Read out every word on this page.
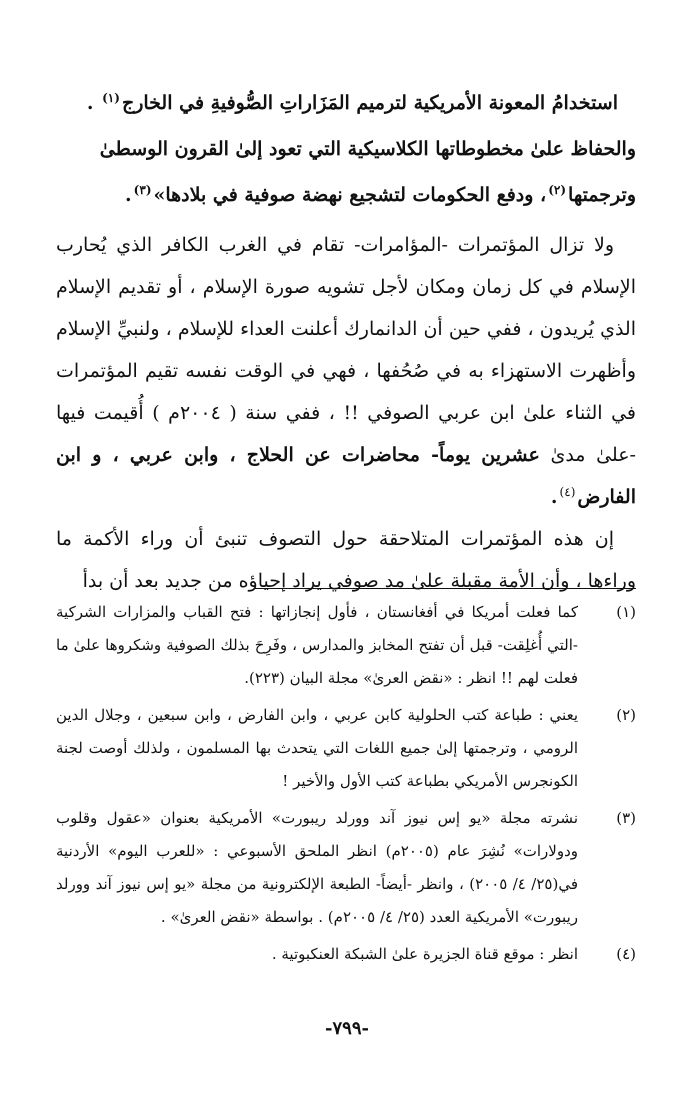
استخدامُ المعونة الأمريكية لترميم المَزَاراتِ الصُّوفيةِ في الخارج$^{(١)}$ .
والحفاظ علىٰ مخطوطاتها الكلاسيكية التي تعود إلىٰ القرون الوسطىٰ
وترجمتها$^{(٢)}$، ودفع الحكومات لتشجيع نهضة صوفية في بلادها»$^{(٣)}$.

ولا تزال المؤتمرات -المؤامرات- تقام في الغرب الكافر الذي يُحارب الإسلام في كل زمان ومكان لأجل تشويه صورة الإسلام ، أو تقديم الإسلام الذي يُريدون ، ففي حين أن الدانمارك أعلنت العداء للإسلام ، ولنبيِّ الإسلام وأظهرت الاستهزاء به في صُحُفها ، فهي في الوقت نفسه تقيم المؤتمرات في الثناء علىٰ ابن عربي الصوفي !! ، ففي سنة ( ٢٠٠٤م ) أُقيمت فيها -علىٰ مدىٰ عشرين يوماً- محاضرات عن الحلاج ، وابن عربي ، و ابن الفارض$^{(٤)}$.

إن هذه المؤتمرات المتلاحقة حول التصوف تنبئ أن وراء الأكمة ما وراءها ، وأن الأمة مقبلة علىٰ مد صوفي يراد إحياؤه من جديد بعد أن بدأ

(١)
كما فعلت أمريكا في أفغانستان ، فأول إنجازاتها : فتح القباب والمزارات الشركية -التي أُغلِقت- قبل أن تفتح المخابز والمدارس ، وفَرِحَ بذلك الصوفية وشكروها علىٰ ما فعلت لهم !! انظر : «نقض العرىٰ» مجلة البيان (٢٢٣).
(٢)
يعني : طباعة كتب الحلولية كابن عربي ، وابن الفارض ، وابن سبعين ، وجلال الدين الرومي ، وترجمتها إلىٰ جميع اللغات التي يتحدث بها المسلمون ، ولذلك أوصت لجنة الكونجرس الأمريكي بطباعة كتب الأول والأخير !
(٣)
نشرته مجلة «يو إس نيوز آند وورلد ريبورت» الأمريكية بعنوان «عقول وقلوب ودولارات» نُشِرَ عام (٢٠٠٥م) انظر الملحق الأسبوعي : «للعرب اليوم» الأردنية في(٢٥/ ٤/ ٢٠٠٥) ، وانظر -أيضاً- الطبعة الإلكترونية من مجلة «يو إس نيوز آند وورلد ريبورت» الأمريكية العدد (٢٥/ ٤/ ٢٠٠٥م) . بواسطة «نقض العرىٰ» .
(٤)
انظر : موقع قناة الجزيرة علىٰ الشبكة العنكبوتية .
-٧٩٩-
